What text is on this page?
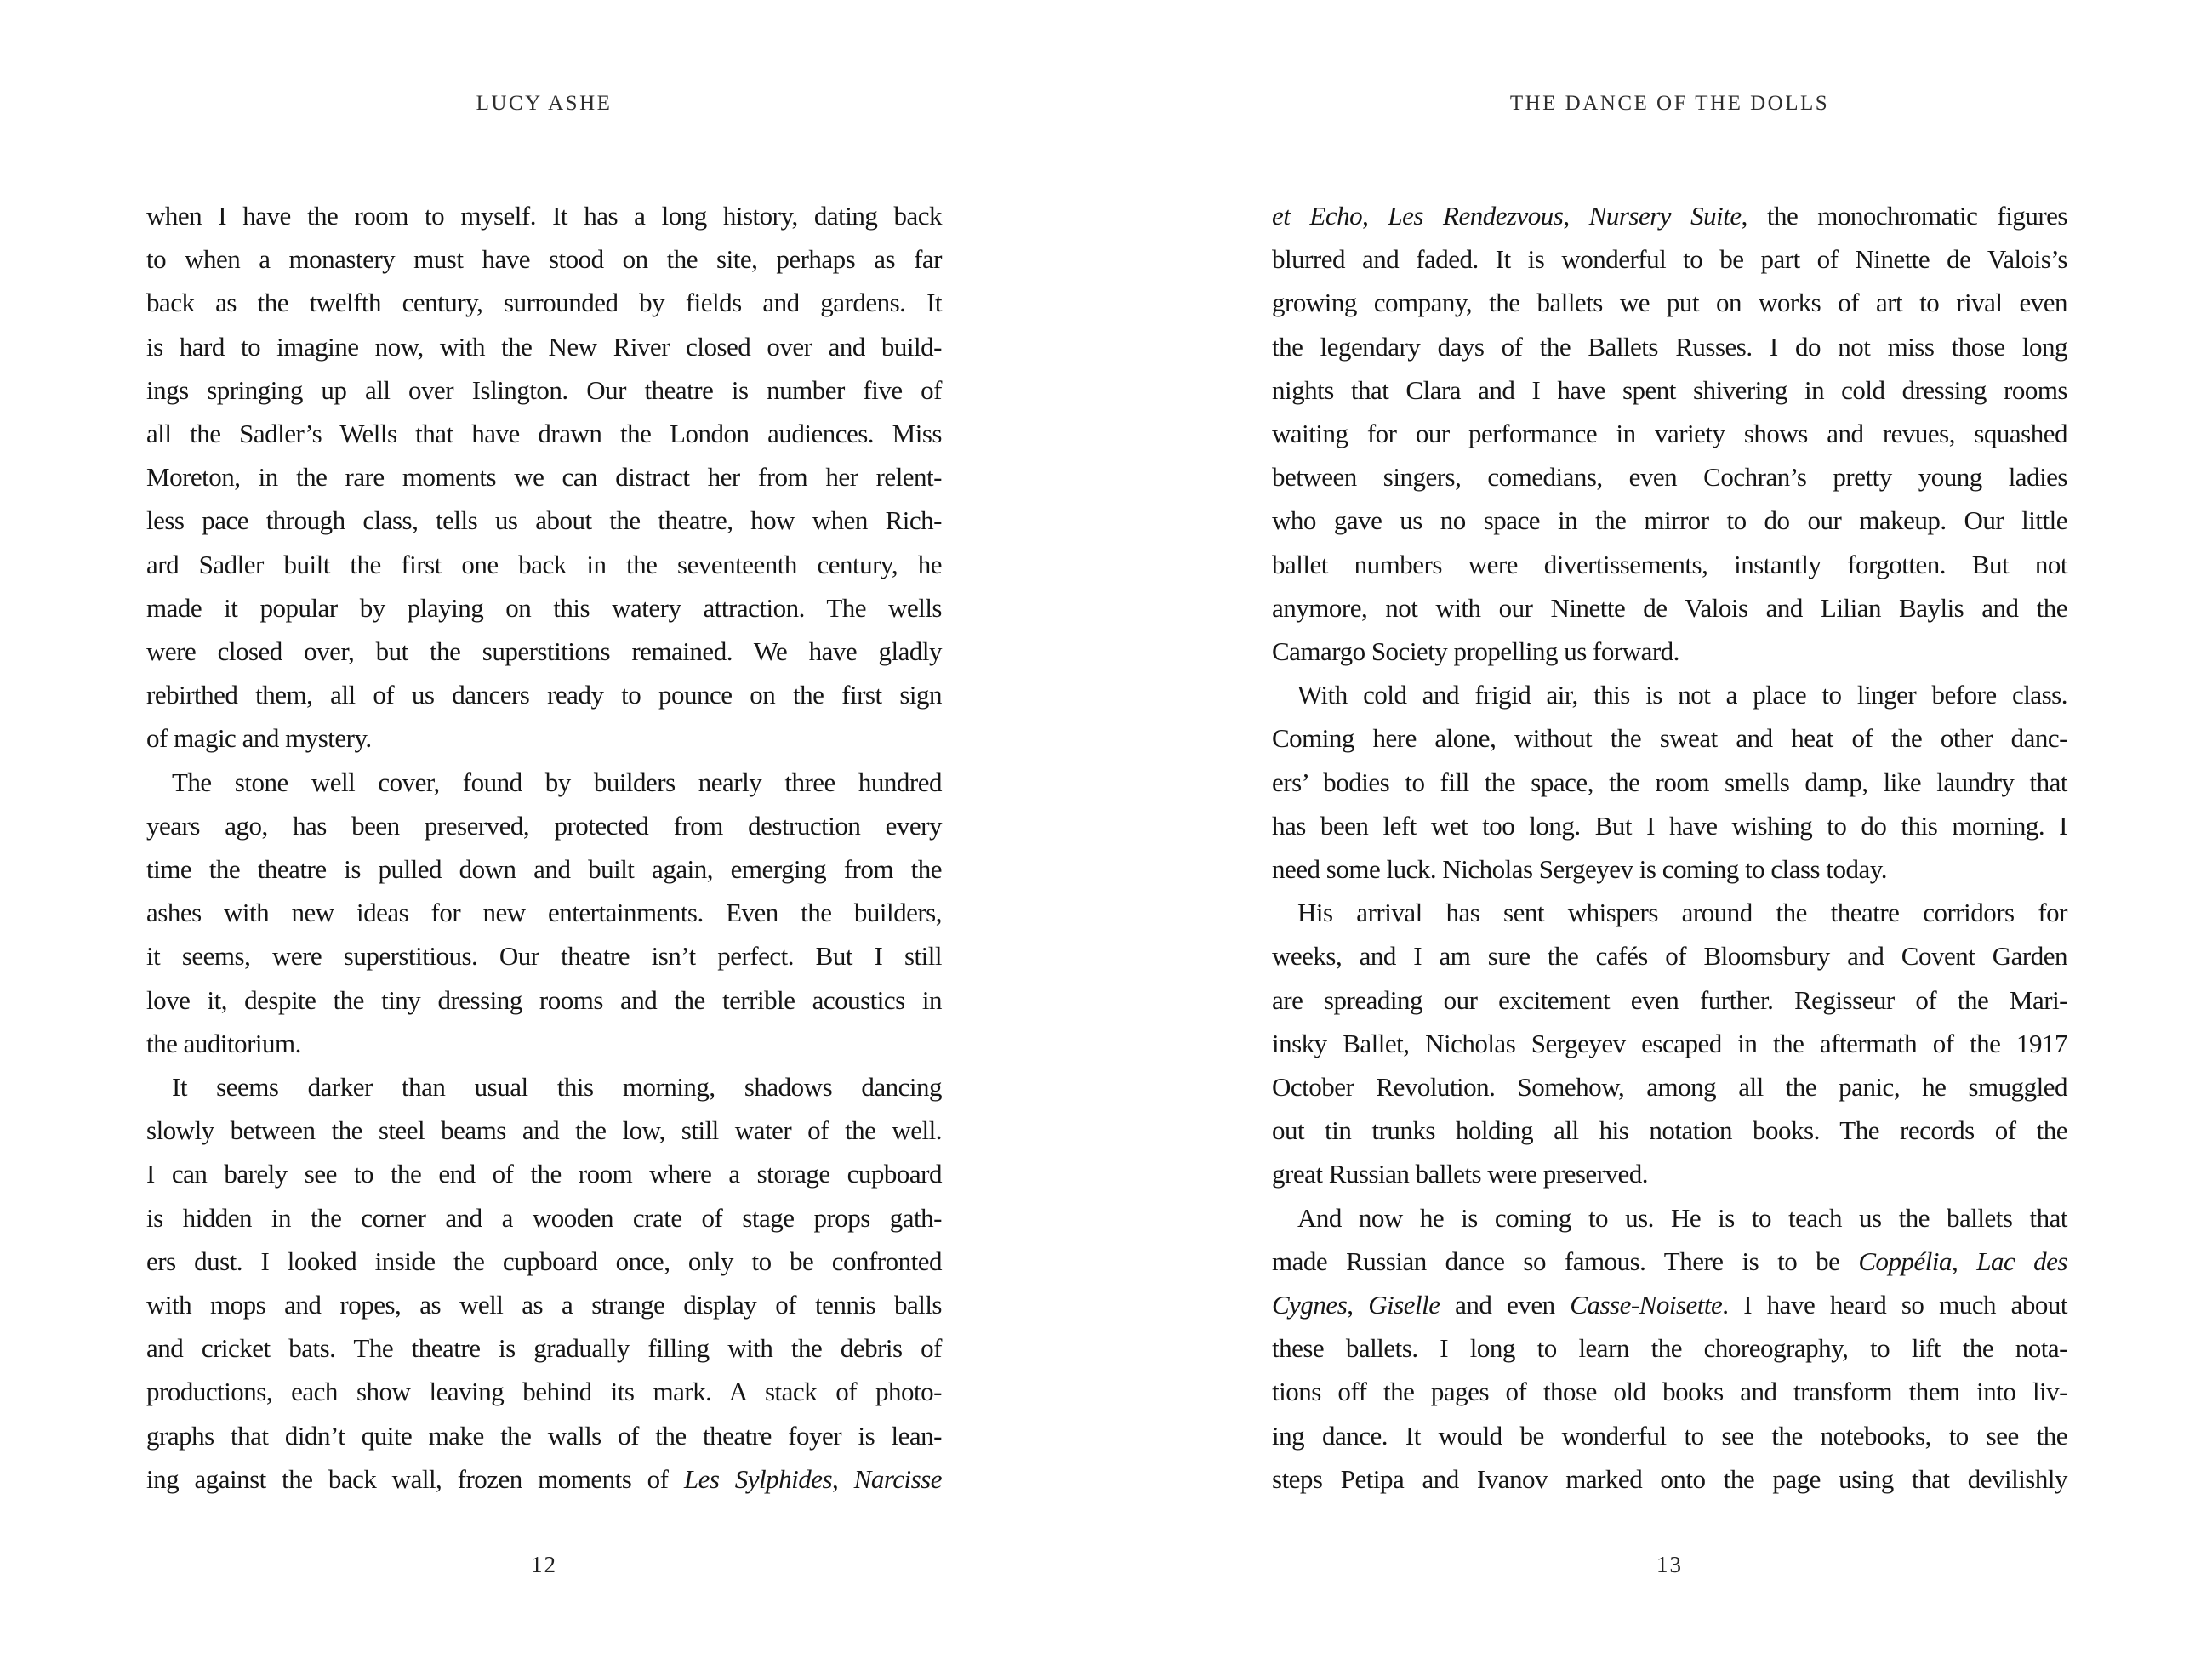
LUCY ASHE
when I have the room to myself. It has a long history, dating back
to when a monastery must have stood on the site, perhaps as far
back as the twelfth century, surrounded by fields and gardens. It
is hard to imagine now, with the New River closed over and build-
ings springing up all over Islington. Our theatre is number five of
all the Sadler’s Wells that have drawn the London audiences. Miss
Moreton, in the rare moments we can distract her from her relent-
less pace through class, tells us about the theatre, how when Rich-
ard Sadler built the first one back in the seventeenth century, he
made it popular by playing on this watery attraction. The wells
were closed over, but the superstitions remained. We have gladly
rebirthed them, all of us dancers ready to pounce on the first sign
of magic and mystery.
The stone well cover, found by builders nearly three hundred
years ago, has been preserved, protected from destruction every
time the theatre is pulled down and built again, emerging from the
ashes with new ideas for new entertainments. Even the builders,
it seems, were superstitious. Our theatre isn’t perfect. But I still
love it, despite the tiny dressing rooms and the terrible acoustics in
the auditorium.
It seems darker than usual this morning, shadows dancing
slowly between the steel beams and the low, still water of the well.
I can barely see to the end of the room where a storage cupboard
is hidden in the corner and a wooden crate of stage props gath-
ers dust. I looked inside the cupboard once, only to be confronted
with mops and ropes, as well as a strange display of tennis balls
and cricket bats. The theatre is gradually filling with the debris of
productions, each show leaving behind its mark. A stack of photo-
graphs that didn’t quite make the walls of the theatre foyer is lean-
ing against the back wall, frozen moments of Les Sylphides, Narcisse
12
THE DANCE OF THE DOLLS
et Echo, Les Rendezvous, Nursery Suite, the monochromatic figures
blurred and faded. It is wonderful to be part of Ninette de Valois’s
growing company, the ballets we put on works of art to rival even
the legendary days of the Ballets Russes. I do not miss those long
nights that Clara and I have spent shivering in cold dressing rooms
waiting for our performance in variety shows and revues, squashed
between singers, comedians, even Cochran’s pretty young ladies
who gave us no space in the mirror to do our makeup. Our little
ballet numbers were divertissements, instantly forgotten. But not
anymore, not with our Ninette de Valois and Lilian Baylis and the
Camargo Society propelling us forward.
With cold and frigid air, this is not a place to linger before class.
Coming here alone, without the sweat and heat of the other danc-
ers’ bodies to fill the space, the room smells damp, like laundry that
has been left wet too long. But I have wishing to do this morning. I
need some luck. Nicholas Sergeyev is coming to class today.
His arrival has sent whispers around the theatre corridors for
weeks, and I am sure the cafés of Bloomsbury and Covent Garden
are spreading our excitement even further. Regisseur of the Mari-
insky Ballet, Nicholas Sergeyev escaped in the aftermath of the 1917
October Revolution. Somehow, among all the panic, he smuggled
out tin trunks holding all his notation books. The records of the
great Russian ballets were preserved.
And now he is coming to us. He is to teach us the ballets that
made Russian dance so famous. There is to be Coppélia, Lac des
Cygnes, Giselle and even Casse-Noisette. I have heard so much about
these ballets. I long to learn the choreography, to lift the nota-
tions off the pages of those old books and transform them into liv-
ing dance. It would be wonderful to see the notebooks, to see the
steps Petipa and Ivanov marked onto the page using that devilishly
13
